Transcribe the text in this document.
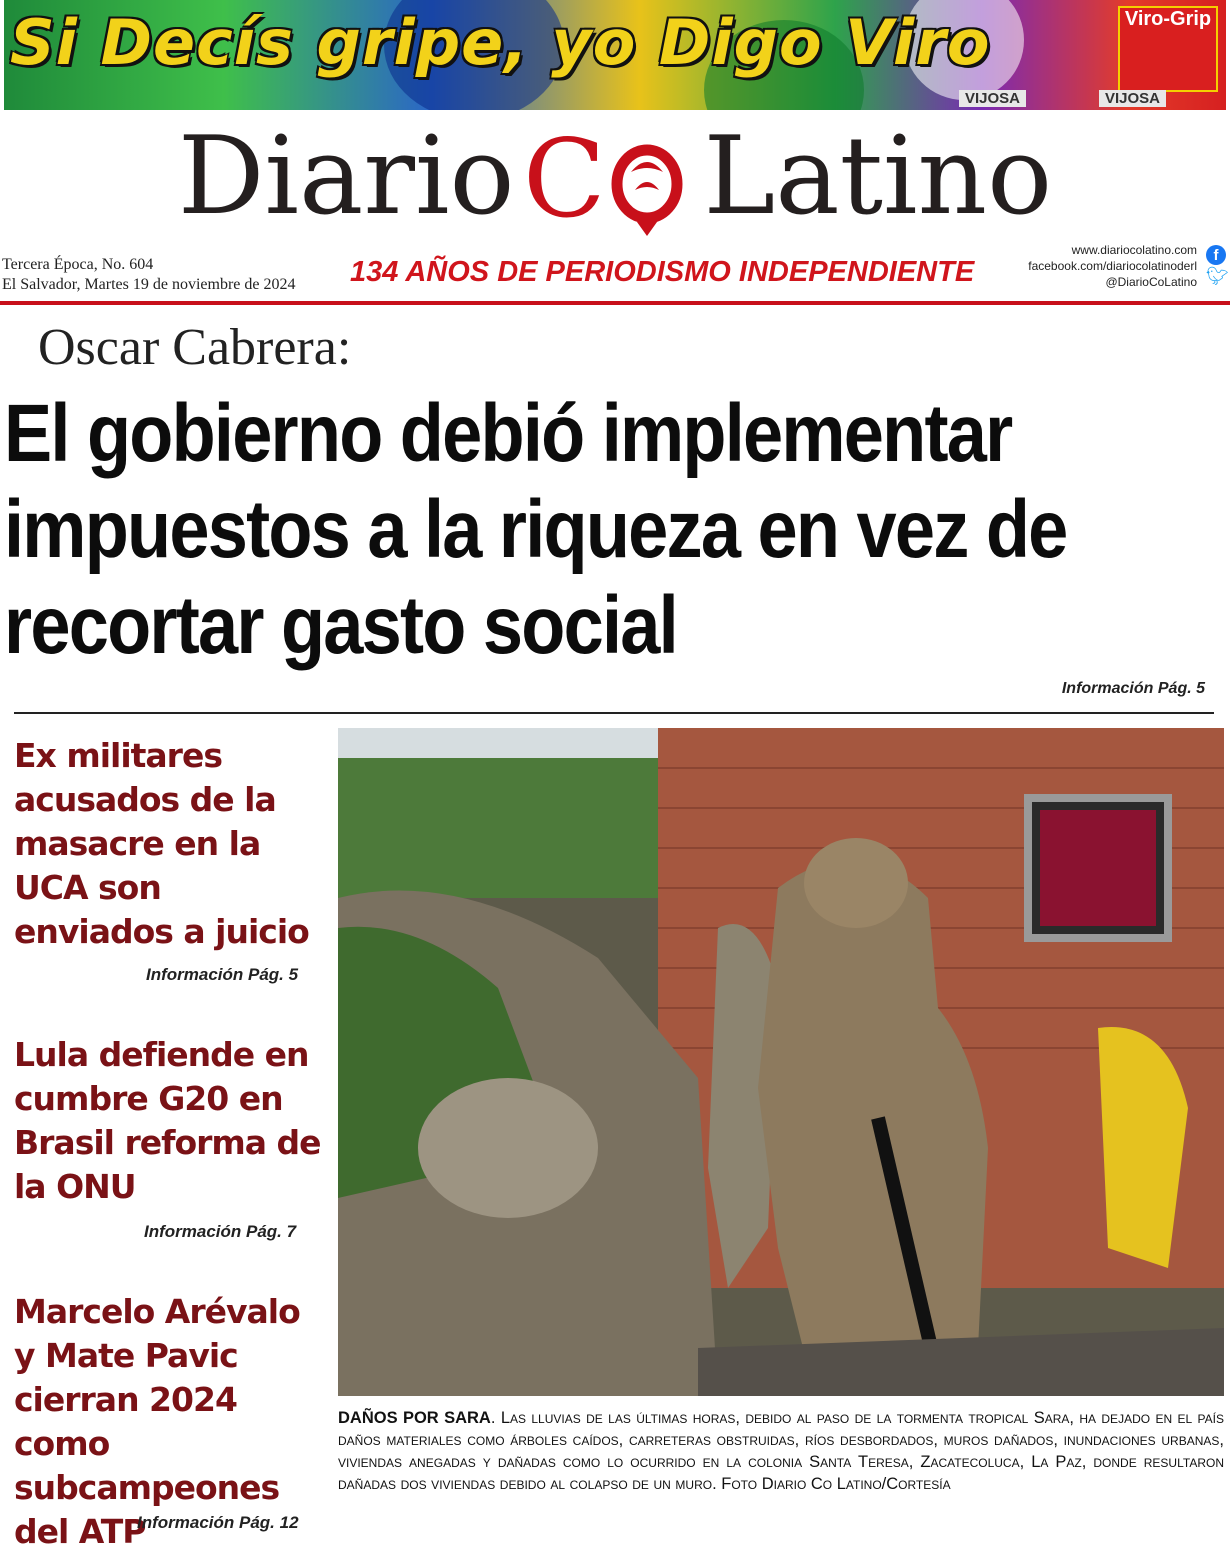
Si Decís gripe, yo Digo Viro	Viro-Grip
VIJOSA	VIJOSA
Diario C Latino
Tercera Época, No. 604
El Salvador, Martes 19 de noviembre de 2024 134 AÑOS DE PERIODISMO INDEPENDIENTE
www.diariocolatino.com
facebook.com/diariocolatinoderl
@DiarioCoLatino
f
🐦︎
Oscar Cabrera:
El gobierno debió implementar impuestos a la riqueza en vez de recortar gasto social
Información Pág. 5
Ex militares acusados de la masacre en la UCA son enviados a juicio
Información Pág. 5
Lula defiende en cumbre G20 en Brasil reforma de la ONU
Información Pág. 7
Marcelo Arévalo y Mate Pavic cierran 2024 como subcampeones del ATP
Información Pág. 12
DAÑOS POR SARA. Las lluvias de las últimas horas, debido al paso de la tormenta tropical Sara, ha dejado en el país daños materiales como árboles caídos, carreteras obstruidas, ríos desbordados, muros dañados, inundaciones urbanas, viviendas anegadas y dañadas como lo ocurrido en la colonia Santa Teresa, Zacatecoluca, La Paz, donde resultaron dañadas dos viviendas debido al colapso de un muro. Foto Diario Co Latino/Cortesía
